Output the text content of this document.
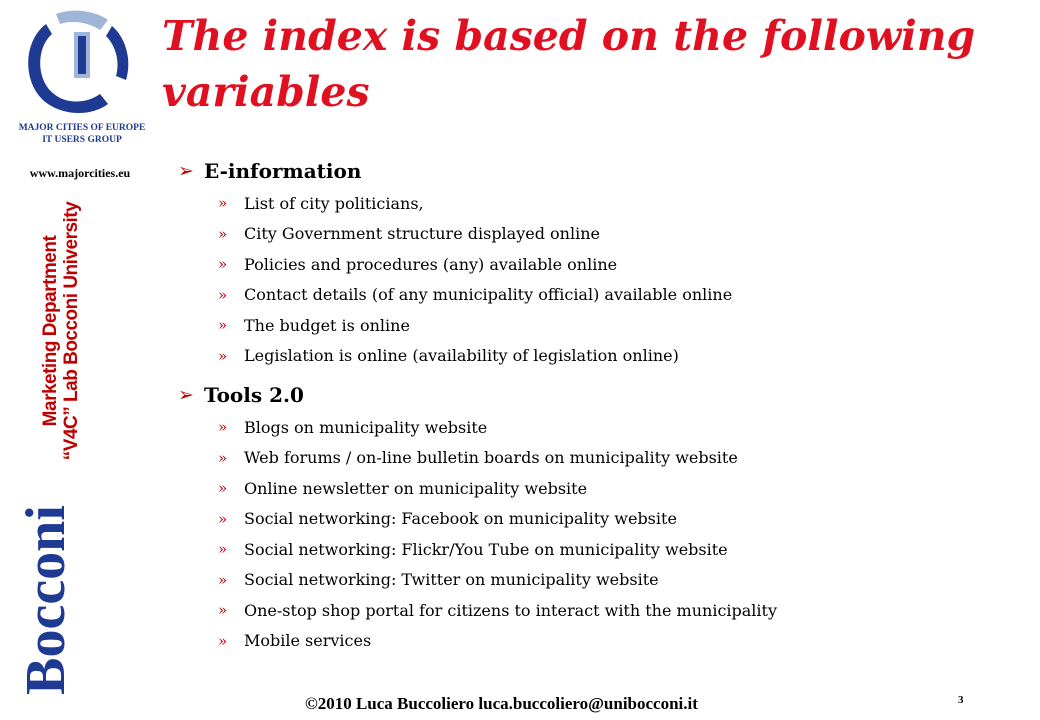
MAJOR CITIES OF EUROPE
IT USERS GROUP
www.majorcities.eu
Marketing Department “V4C” Lab Bocconi University
Bocconi
The index is based on the following variables
➢ E-information
»	List of city politicians,
»	City Government structure displayed online
»	Policies and procedures (any) available online
»	Contact details (of any municipality official) available online
»	The budget is online
»	Legislation is online (availability of legislation online)
➢ Tools 2.0
»	Blogs on municipality website
»	Web forums / on-line bulletin boards on municipality website
»	Online newsletter on municipality website
»	Social networking: Facebook on municipality website
»	Social networking: Flickr/You Tube on municipality website
»	Social networking: Twitter on municipality website
»	One-stop shop portal for citizens to interact with the municipality
»	Mobile services
©2010 Luca Buccoliero luca.buccoliero@unibocconi.it	3
